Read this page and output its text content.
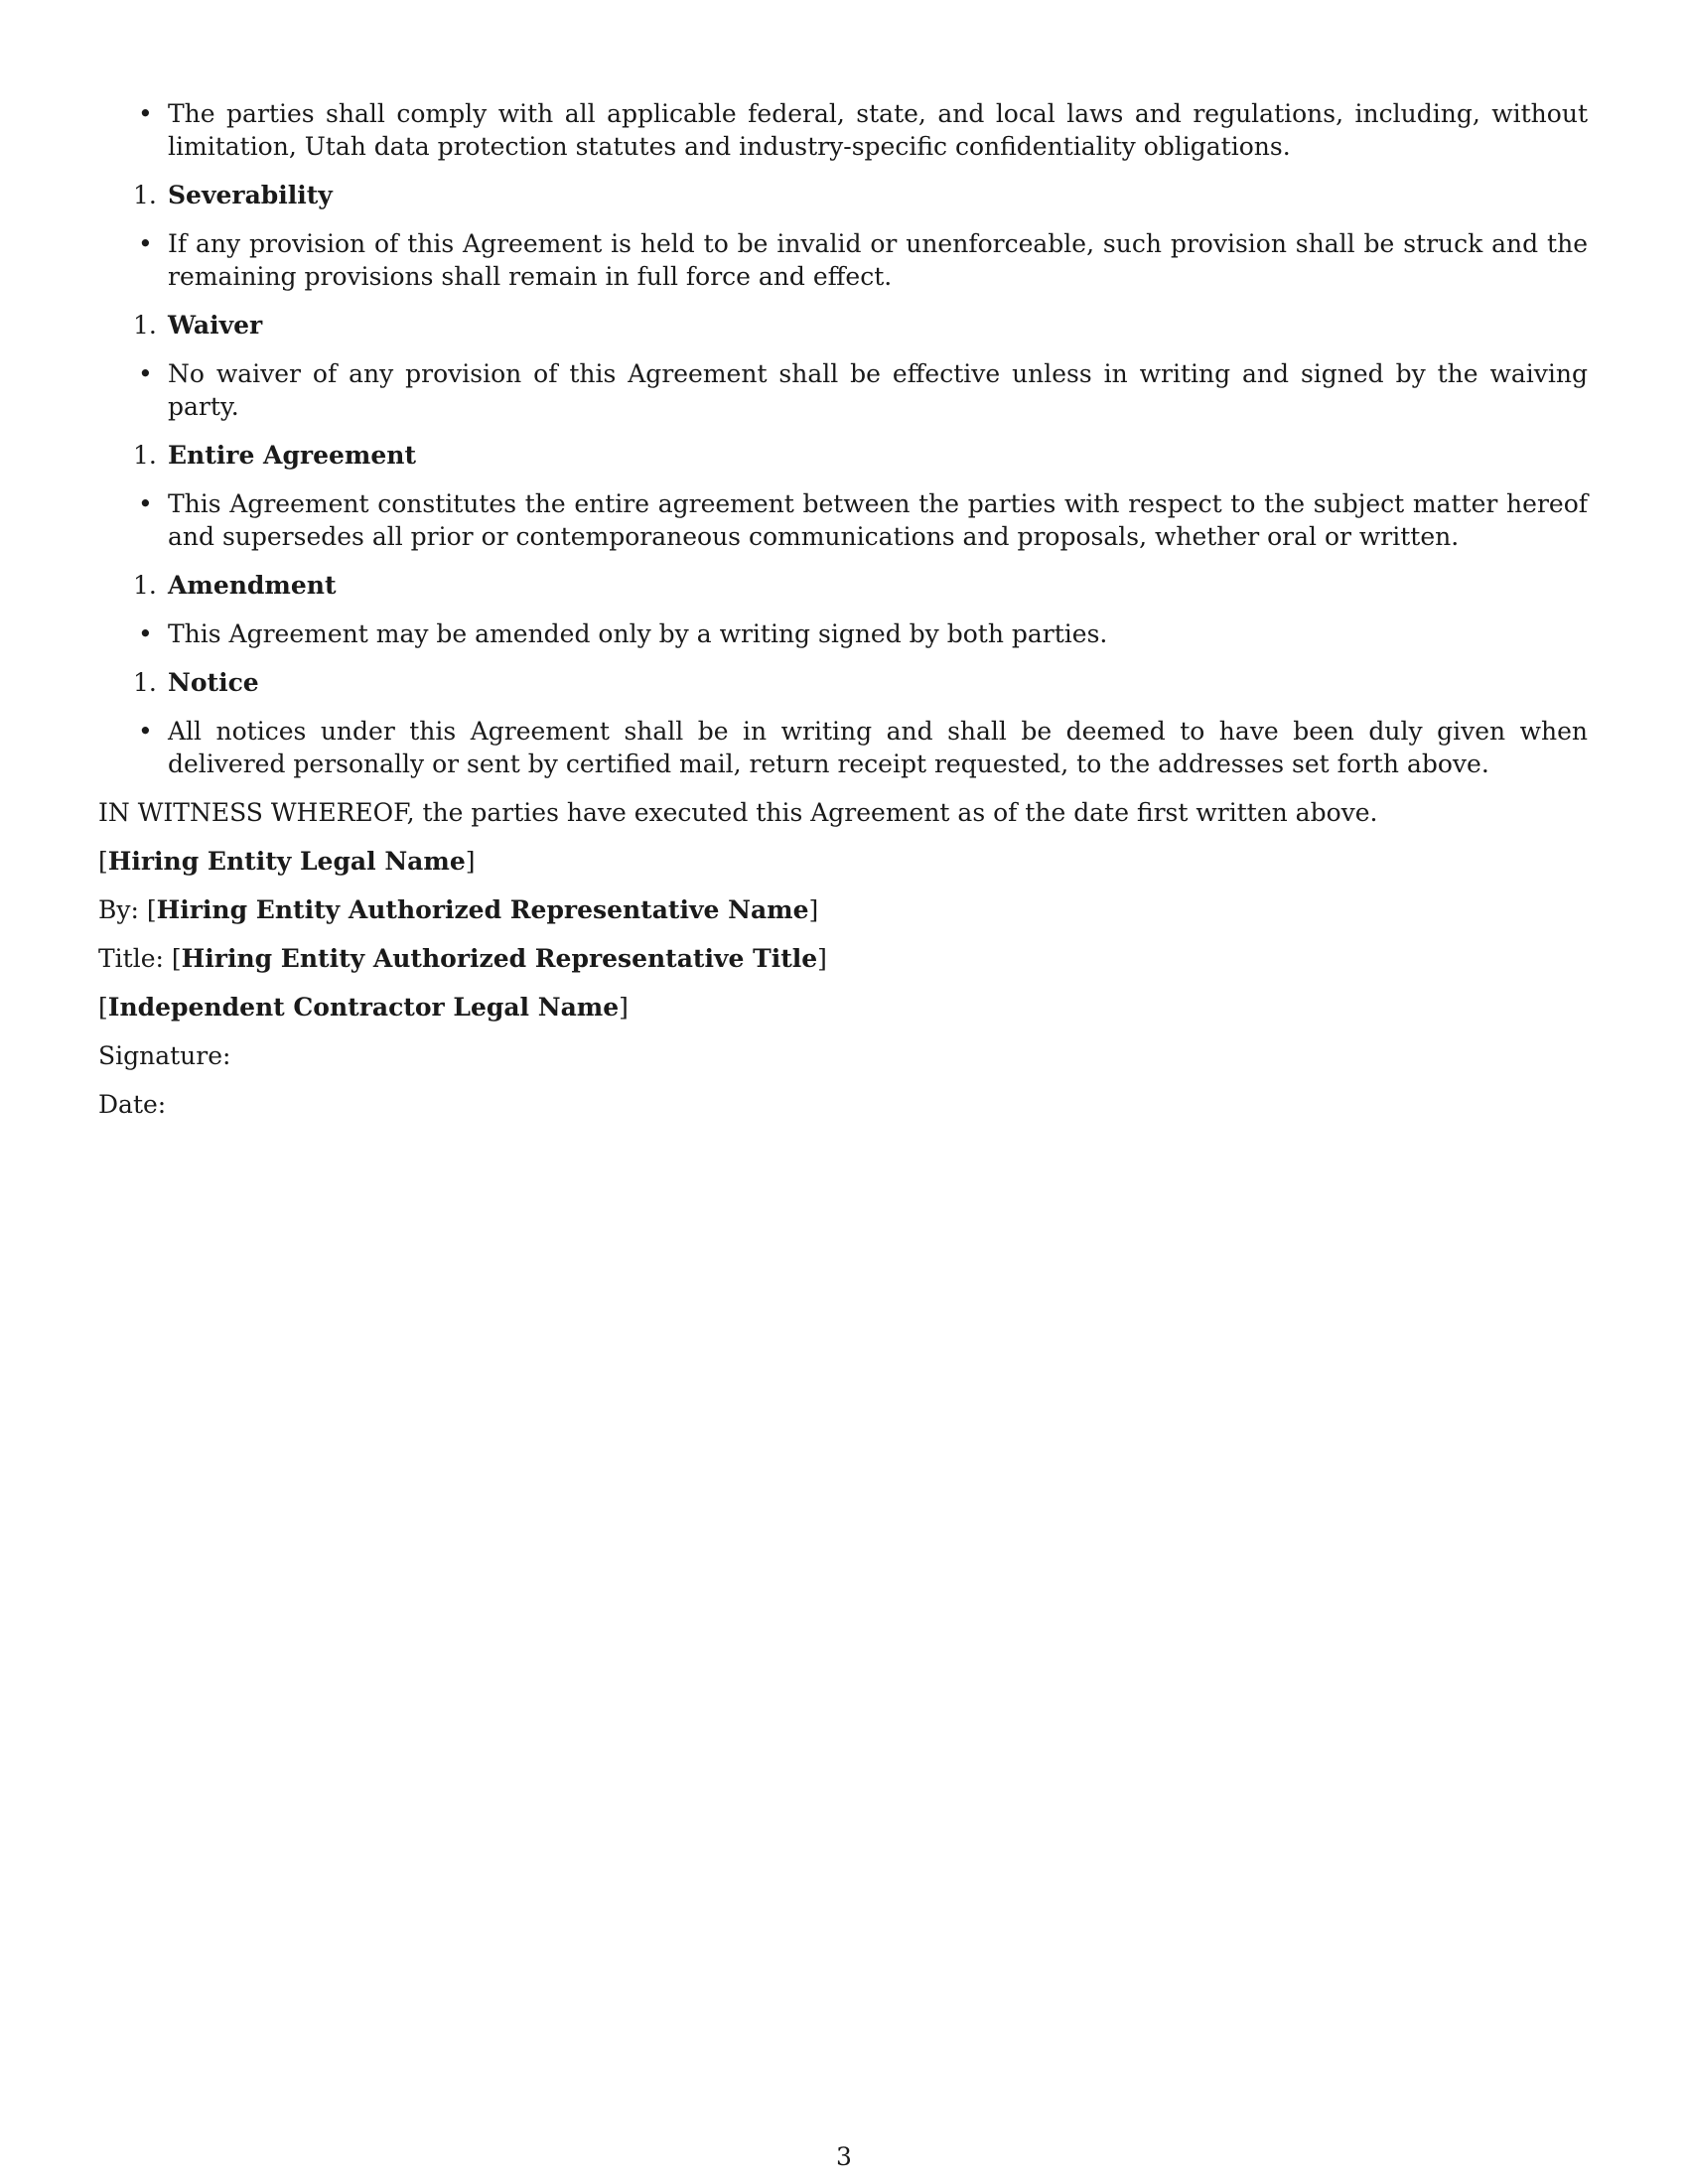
• The parties shall comply with all applicable federal, state, and local laws and regulations, including, without limitation, Utah data protection statutes and industry-specific confidentiality obligations.
1. Severability
• If any provision of this Agreement is held to be invalid or unenforceable, such provision shall be struck and the remaining provisions shall remain in full force and effect.
1. Waiver
• No waiver of any provision of this Agreement shall be effective unless in writing and signed by the waiving party.
1. Entire Agreement
• This Agreement constitutes the entire agreement between the parties with respect to the subject matter hereof and supersedes all prior or contemporaneous communications and proposals, whether oral or written.
1. Amendment
• This Agreement may be amended only by a writing signed by both parties.
1. Notice
• All notices under this Agreement shall be in writing and shall be deemed to have been duly given when delivered personally or sent by certified mail, return receipt requested, to the addresses set forth above.

IN WITNESS WHEREOF, the parties have executed this Agreement as of the date first written above.

[Hiring Entity Legal Name]

By: [Hiring Entity Authorized Representative Name]

Title: [Hiring Entity Authorized Representative Title]

[Independent Contractor Legal Name]

Signature:

Date:

3
